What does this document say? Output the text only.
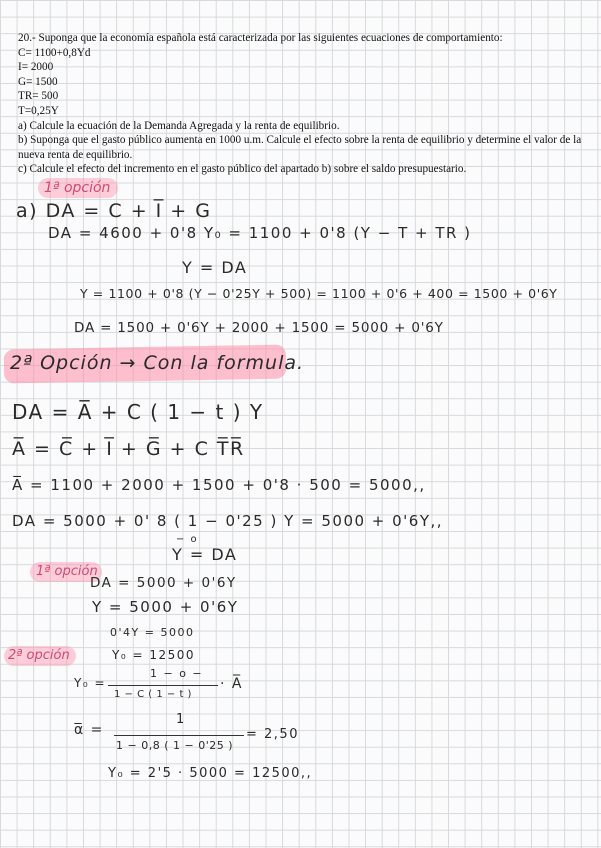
20.- Suponga que la economía española está caracterizada por las siguientes ecuaciones de comportamiento:
C= 1100+0,8Yd
I= 2000
G= 1500
TR= 500
T=0,25Y
a) Calcule la ecuación de la Demanda Agregada y la renta de equilibrio.
b) Suponga que el gasto público aumenta en 1000 u.m. Calcule el efecto sobre la renta de equilibrio y determine el valor de la nueva renta de equilibrio.
c) Calcule el efecto del incremento en el gasto público del apartado b) sobre el saldo presupuestario.
1ª opción
a) DA = C + I̅ + G
DA = 4600 + 0'8 Y₀ = 1100 + 0'8 (Y − T + TR )
Y = DA
Y = 1100 + 0'8 (Y − 0'25Y + 500) = 1100 + 0'6 + 400 = 1500 + 0'6Y
DA = 1500 + 0'6Y + 2000 + 1500 = 5000 + 0'6Y
2ª Opción → Con la formula.
DA = A̅ + C ( 1 − t ) Y
A̅ = C̅ + I̅ + G̅ + C T̅R̅
A̅ = 1100 + 2000 + 1500 + 0'8 · 500 = 5000,,
DA = 5000 + 0' 8 ( 1 − 0'25 ) Y = 5000 + 0'6Y,,
− o
Y = DA
1ª opción
DA = 5000 + 0'6Y
Y = 5000 + 0'6Y
0'4Y = 5000
2ª opción	Y₀ = 12500
Y₀ =
1 − o −
1 − C ( 1 − t )
· A̅
α̅ =
1
1 − 0,8 ( 1 − 0'25 )
= 2,50
Y₀ = 2'5 · 5000 = 12500,,
